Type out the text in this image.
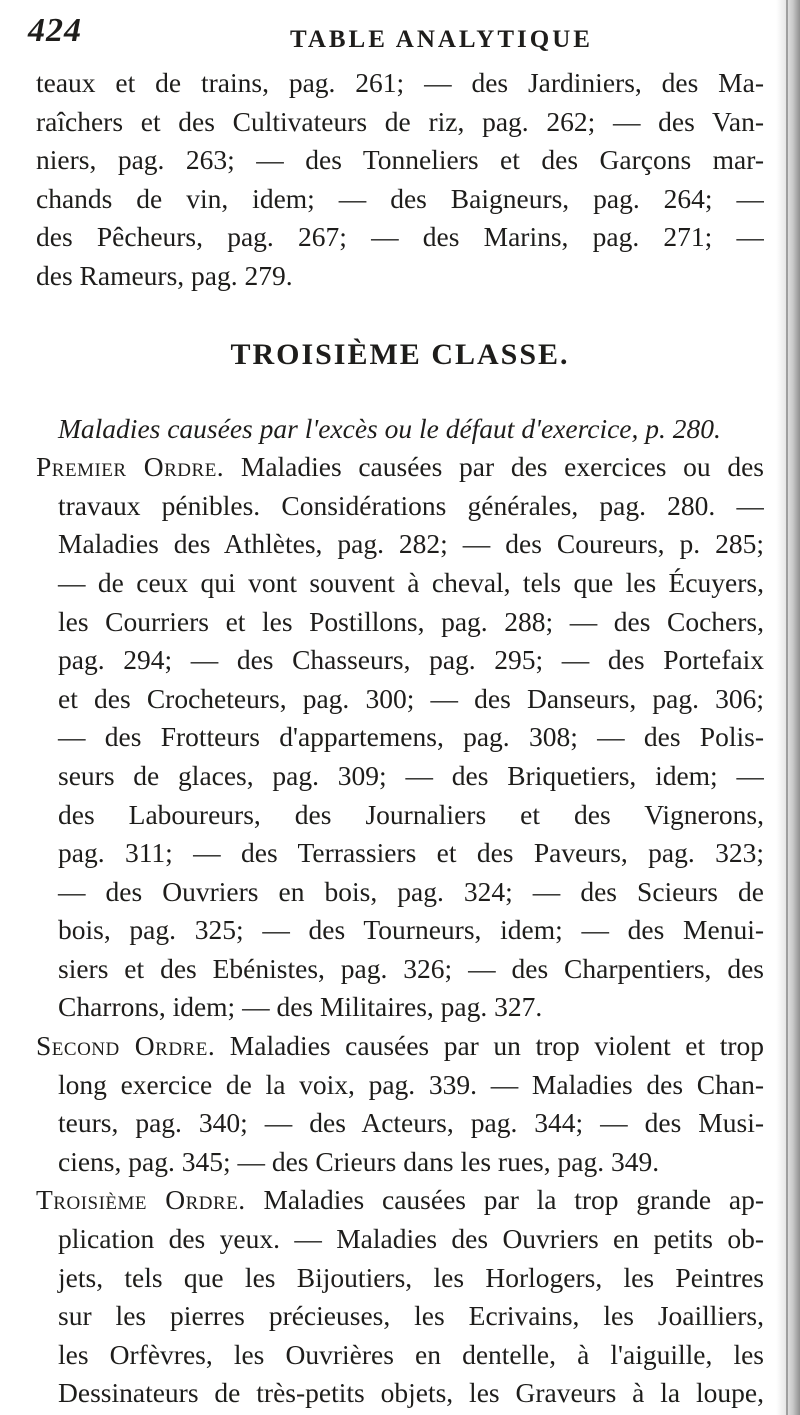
424	TABLE ANALYTIQUE
teaux et de trains, pag. 261; — des Jardiniers, des Ma-
raîchers et des Cultivateurs de riz, pag. 262; — des Van-
niers, pag. 263; — des Tonneliers et des Garçons mar-
chands de vin, idem; — des Baigneurs, pag. 264; —
des Pêcheurs, pag. 267; — des Marins, pag. 271; —
des Rameurs, pag. 279.
TROISIÈME CLASSE.
Maladies causées par l'excès ou le défaut d'exercice, p. 280.
Premier Ordre. Maladies causées par des exercices ou des
travaux pénibles. Considérations générales, pag. 280. —
Maladies des Athlètes, pag. 282; — des Coureurs, p. 285;
— de ceux qui vont souvent à cheval, tels que les Écuyers,
les Courriers et les Postillons, pag. 288; — des Cochers,
pag. 294; — des Chasseurs, pag. 295; — des Portefaix
et des Crocheteurs, pag. 300; — des Danseurs, pag. 306;
— des Frotteurs d'appartemens, pag. 308; — des Polis-
seurs de glaces, pag. 309; — des Briquetiers, idem; —
des Laboureurs, des Journaliers et des Vignerons,
pag. 311; — des Terrassiers et des Paveurs, pag. 323;
— des Ouvriers en bois, pag. 324; — des Scieurs de
bois, pag. 325; — des Tourneurs, idem; — des Menui-
siers et des Ebénistes, pag. 326; — des Charpentiers, des
Charrons, idem; — des Militaires, pag. 327.
Second Ordre. Maladies causées par un trop violent et trop
long exercice de la voix, pag. 339. — Maladies des Chan-
teurs, pag. 340; — des Acteurs, pag. 344; — des Musi-
ciens, pag. 345; — des Crieurs dans les rues, pag. 349.
Troisième Ordre. Maladies causées par la trop grande ap-
plication des yeux. — Maladies des Ouvriers en petits ob-
jets, tels que les Bijoutiers, les Horlogers, les Peintres
sur les pierres précieuses, les Ecrivains, les Joailliers,
les Orfèvres, les Ouvrières en dentelle, à l'aiguille, les
Dessinateurs de très-petits objets, les Graveurs à la loupe,
